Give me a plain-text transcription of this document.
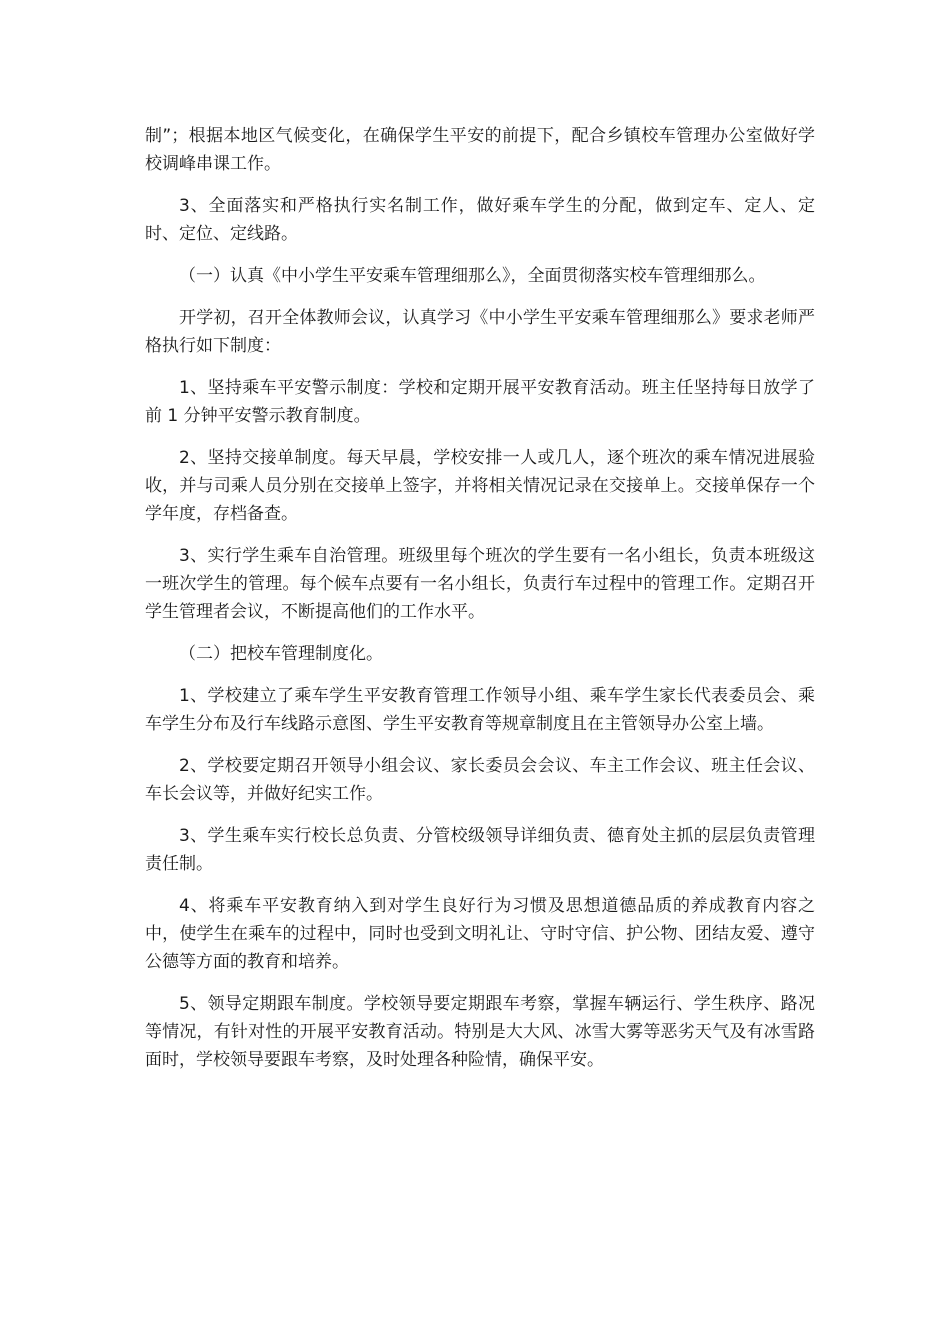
制”；根据本地区气候变化，在确保学生平安的前提下，配合乡镇校车管理办公室做好学校调峰串课工作。

3、全面落实和严格执行实名制工作，做好乘车学生的分配，做到定车、定人、定时、定位、定线路。

（一）认真《中小学生平安乘车管理细那么》，全面贯彻落实校车管理细那么。

开学初，召开全体教师会议，认真学习《中小学生平安乘车管理细那么》要求老师严格执行如下制度：

1、坚持乘车平安警示制度：学校和定期开展平安教育活动。班主任坚持每日放学了前 1 分钟平安警示教育制度。

2、坚持交接单制度。每天早晨，学校安排一人或几人，逐个班次的乘车情况进展验收，并与司乘人员分别在交接单上签字，并将相关情况记录在交接单上。交接单保存一个学年度，存档备查。

3、实行学生乘车自治管理。班级里每个班次的学生要有一名小组长，负责本班级这一班次学生的管理。每个候车点要有一名小组长，负责行车过程中的管理工作。定期召开学生管理者会议，不断提高他们的工作水平。

（二）把校车管理制度化。

1、学校建立了乘车学生平安教育管理工作领导小组、乘车学生家长代表委员会、乘车学生分布及行车线路示意图、学生平安教育等规章制度且在主管领导办公室上墙。

2、学校要定期召开领导小组会议、家长委员会会议、车主工作会议、班主任会议、车长会议等，并做好纪实工作。

3、学生乘车实行校长总负责、分管校级领导详细负责、德育处主抓的层层负责管理责任制。

4、将乘车平安教育纳入到对学生良好行为习惯及思想道德品质的养成教育内容之中，使学生在乘车的过程中，同时也受到文明礼让、守时守信、护公物、团结友爱、遵守公德等方面的教育和培养。

5、领导定期跟车制度。学校领导要定期跟车考察，掌握车辆运行、学生秩序、路况等情况，有针对性的开展平安教育活动。特别是大大风、冰雪大雾等恶劣天气及有冰雪路面时，学校领导要跟车考察，及时处理各种险情，确保平安。
